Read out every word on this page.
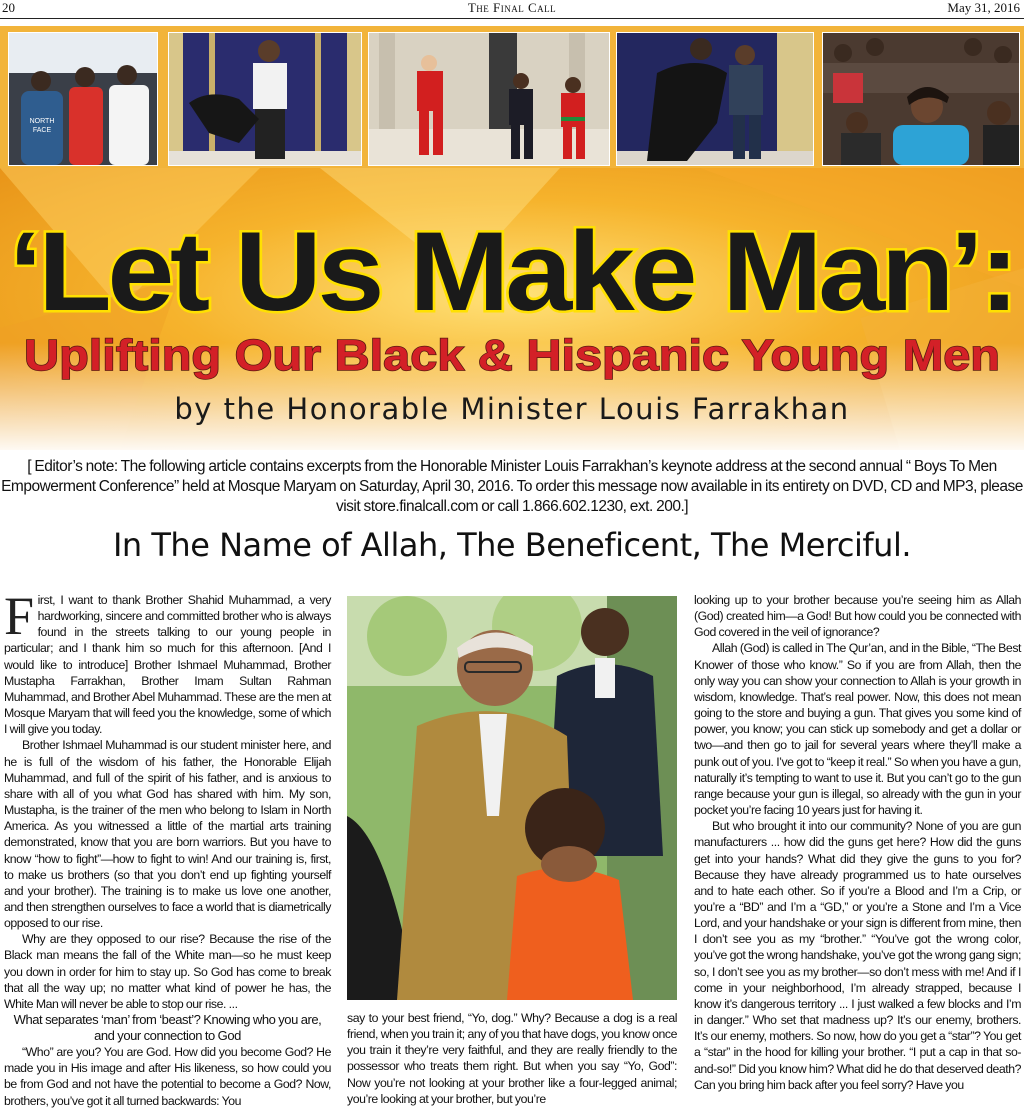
20	The Final Call	May 31, 2016
NORTH
FACE
‘Let Us Make Man’:
Uplifting Our Black & Hispanic Young Men
by the Honorable Minister Louis Farrakhan
[ Editor’s note: The following article contains excerpts from the Honorable Minister Louis Farrakhan’s keynote address at the second annual “ Boys To Men Empowerment Conference” held at Mosque Maryam on Saturday, April 30, 2016. To order this message now available in its entirety on DVD, CD and MP3, please visit store.finalcall.com or call 1.866.602.1230, ext. 200.]
In The Name of Allah, The Beneficent, The Merciful.

First, I want to thank Brother Shahid Muhammad, a very hardworking, sincere and committed brother who is always found in the streets talking to our young people in particular; and I thank him so much for this afternoon. [And I would like to introduce] Brother Ishmael Muhammad, Brother Mustapha Farrakhan, Brother Imam Sultan Rahman Muhammad, and Brother Abel Muhammad. These are the men at Mosque Maryam that will feed you the knowledge, some of which I will give you today.

Brother Ishmael Muhammad is our student minister here, and he is full of the wisdom of his father, the Honorable Elijah Muhammad, and full of the spirit of his father, and is anxious to share with all of you what God has shared with him. My son, Mustapha, is the trainer of the men who belong to Islam in North America. As you witnessed a little of the martial arts training demonstrated, know that you are born warriors. But you have to know “how to fight”—how to fight to win! And our training is, first, to make us brothers (so that you don’t end up fighting yourself and your brother). The training is to make us love one another, and then strengthen ourselves to face a world that is diametrically opposed to our rise.

Why are they opposed to our rise? Because the rise of the Black man means the fall of the White man—so he must keep you down in order for him to stay up. So God has come to break that all the way up; no matter what kind of power he has, the White Man will never be able to stop our rise. ...

What separates ‘man’ from ‘beast’? Knowing who you are, and your connection to God

“Who” are you? You are God. How did you become God? He made you in His image and after His likeness, so how could you be from God and not have the potential to become a God? Now, brothers, you’ve got it all turned backwards: You

say to your best friend, “Yo, dog.” Why? Because a dog is a real friend, when you train it; any of you that have dogs, you know once you train it they’re very faithful, and they are really friendly to the possessor who treats them right. But when you say “Yo, God”: Now you’re not looking at your brother like a four-legged animal; you’re looking at your brother, but you’re

looking up to your brother because you’re seeing him as Allah (God) created him—a God! But how could you be connected with God covered in the veil of ignorance?

Allah (God) is called in The Qur’an, and in the Bible, “The Best Knower of those who know.” So if you are from Allah, then the only way you can show your connection to Allah is your growth in wisdom, knowledge. That’s real power. Now, this does not mean going to the store and buying a gun. That gives you some kind of power, you know; you can stick up somebody and get a dollar or two—and then go to jail for several years where they’ll make a punk out of you. I’ve got to “keep it real.” So when you have a gun, naturally it’s tempting to want to use it. But you can’t go to the gun range because your gun is illegal, so already with the gun in your pocket you’re facing 10 years just for having it.

But who brought it into our community? None of you are gun manufacturers ... how did the guns get here? How did the guns get into your hands? What did they give the guns to you for? Because they have already programmed us to hate ourselves and to hate each other. So if you’re a Blood and I’m a Crip, or you’re a “BD” and I’m a “GD,” or you’re a Stone and I’m a Vice Lord, and your handshake or your sign is different from mine, then I don’t see you as my “brother.” “You’ve got the wrong color, you’ve got the wrong handshake, you’ve got the wrong gang sign; so, I don’t see you as my brother—so don’t mess with me! And if I come in your neighborhood, I’m already strapped, because I know it’s dangerous territory ... I just walked a few blocks and I’m in danger.” Who set that madness up? It’s our enemy, brothers. It’s our enemy, mothers. So now, how do you get a “star”? You get a “star” in the hood for killing your brother. “I put a cap in that so-and-so!” Did you know him? What did he do that deserved death? Can you bring him back after you feel sorry? Have you
